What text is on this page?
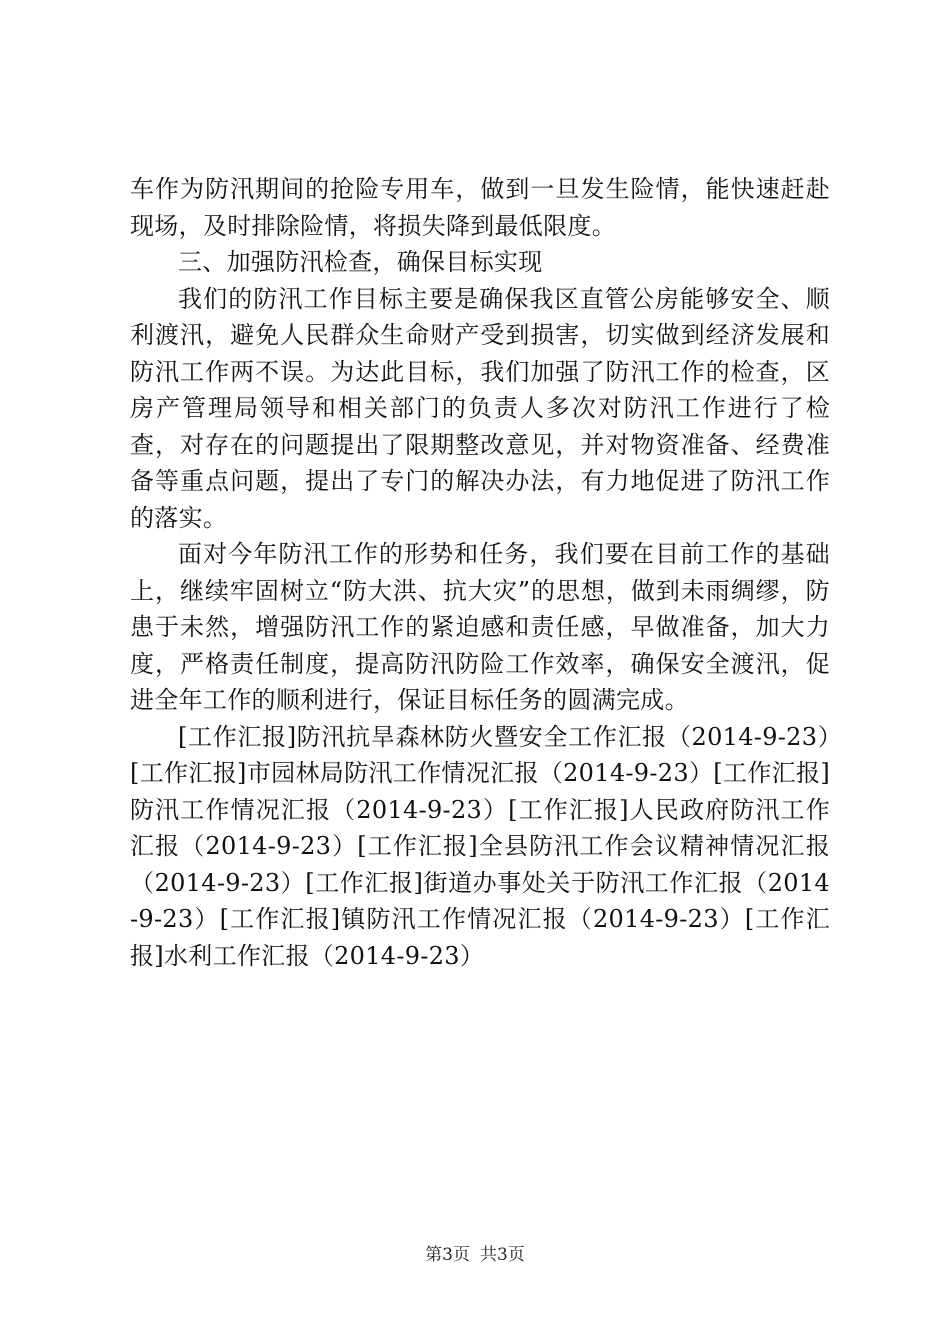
车作为防汛期间的抢险专用车，做到一旦发生险情，能快速赶赴现场，及时排除险情，将损失降到最低限度。

三、加强防汛检查，确保目标实现

我们的防汛工作目标主要是确保我区直管公房能够安全、顺利渡汛，避免人民群众生命财产受到损害，切实做到经济发展和防汛工作两不误。为达此目标，我们加强了防汛工作的检查，区房产管理局领导和相关部门的负责人多次对防汛工作进行了检查，对存在的问题提出了限期整改意见，并对物资准备、经费准备等重点问题，提出了专门的解决办法，有力地促进了防汛工作的落实。

面对今年防汛工作的形势和任务，我们要在目前工作的基础上，继续牢固树立“防大洪、抗大灾”的思想，做到未雨绸缪，防患于未然，增强防汛工作的紧迫感和责任感，早做准备，加大力度，严格责任制度，提高防汛防险工作效率，确保安全渡汛，促进全年工作的顺利进行，保证目标任务的圆满完成。

[工作汇报]防汛抗旱森林防火暨安全工作汇报（2014-9-23）[工作汇报]市园林局防汛工作情况汇报（2014-9-23）[工作汇报]防汛工作情况汇报（2014-9-23）[工作汇报]人民政府防汛工作汇报（2014-9-23）[工作汇报]全县防汛工作会议精神情况汇报（2014-9-23）[工作汇报]街道办事处关于防汛工作汇报（2014-9-23）[工作汇报]镇防汛工作情况汇报（2014-9-23）[工作汇报]水利工作汇报（2014-9-23）

第3页 共3页
